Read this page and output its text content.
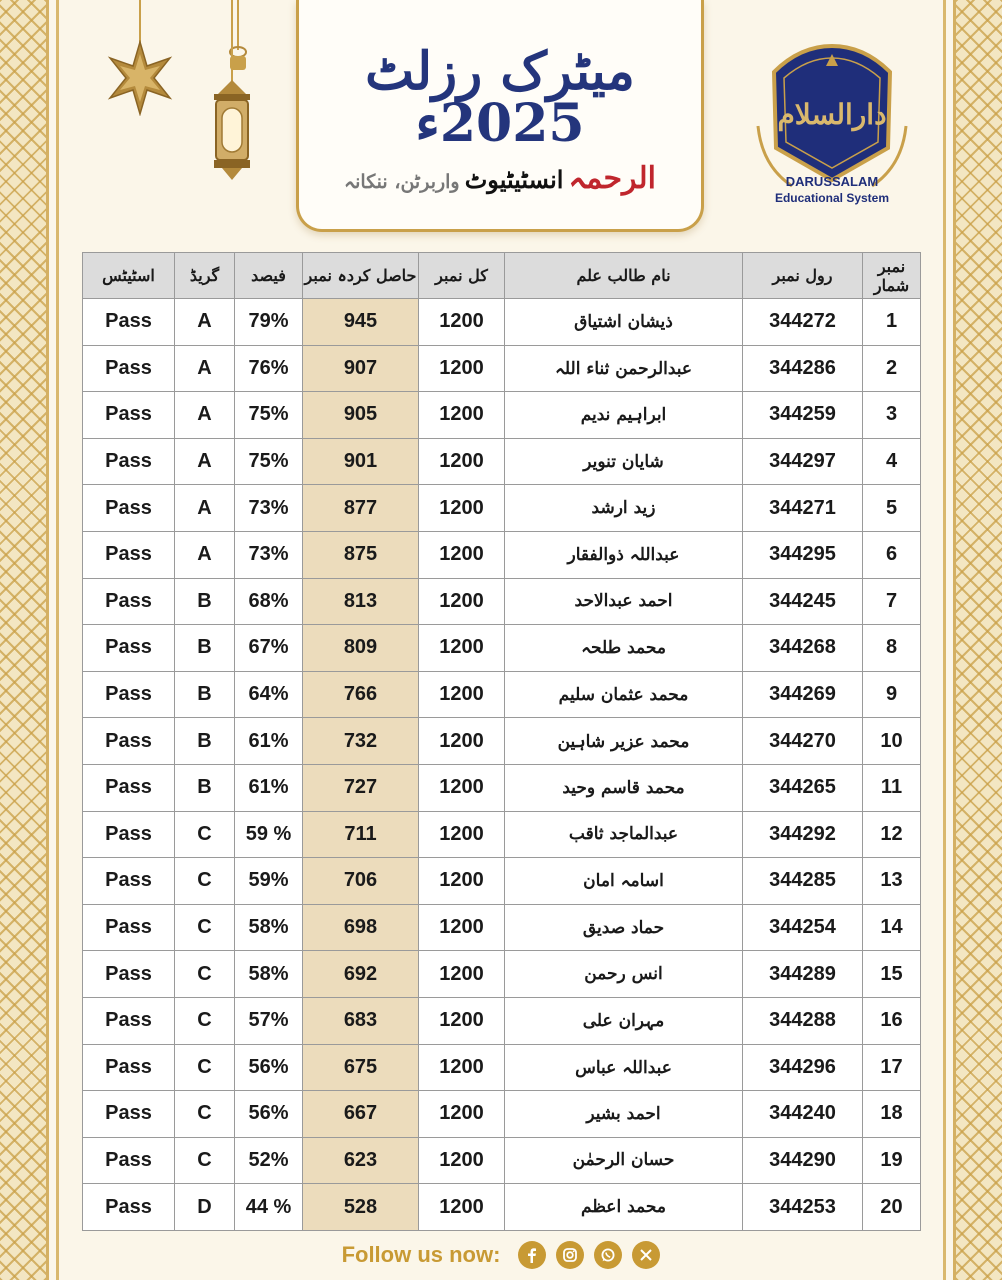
میٹرک رزلٹ 2025ء
الرحمہ انسٹیٹیوٹ واربرٹن، ننکانہ
دارالسلام
DARUSSALAM
Educational System
اسٹیٹس	گریڈ	فیصد	حاصل کردہ نمبر	کل نمبر	نام طالب علم	رول نمبر	نمبر شمار
Pass	A	79%	945	1200	ذیشان اشتیاق	344272	1
Pass	A	76%	907	1200	عبدالرحمن ثناء اللہ	344286	2
Pass	A	75%	905	1200	ابراہیم ندیم	344259	3
Pass	A	75%	901	1200	شایان تنویر	344297	4
Pass	A	73%	877	1200	زید ارشد	344271	5
Pass	A	73%	875	1200	عبداللہ ذوالفقار	344295	6
Pass	B	68%	813	1200	احمد عبدالاحد	344245	7
Pass	B	67%	809	1200	محمد طلحہ	344268	8
Pass	B	64%	766	1200	محمد عثمان سلیم	344269	9
Pass	B	61%	732	1200	محمد عزیر شاہین	344270	10
Pass	B	61%	727	1200	محمد قاسم وحید	344265	11
Pass	C	59 %	711	1200	عبدالماجد ثاقب	344292	12
Pass	C	59%	706	1200	اسامہ امان	344285	13
Pass	C	58%	698	1200	حماد صدیق	344254	14
Pass	C	58%	692	1200	انس رحمن	344289	15
Pass	C	57%	683	1200	مہران علی	344288	16
Pass	C	56%	675	1200	عبداللہ عباس	344296	17
Pass	C	56%	667	1200	احمد بشیر	344240	18
Pass	C	52%	623	1200	حسان الرحمٰن	344290	19
Pass	D	44 %	528	1200	محمد اعظم	344253	20
Follow us now:
